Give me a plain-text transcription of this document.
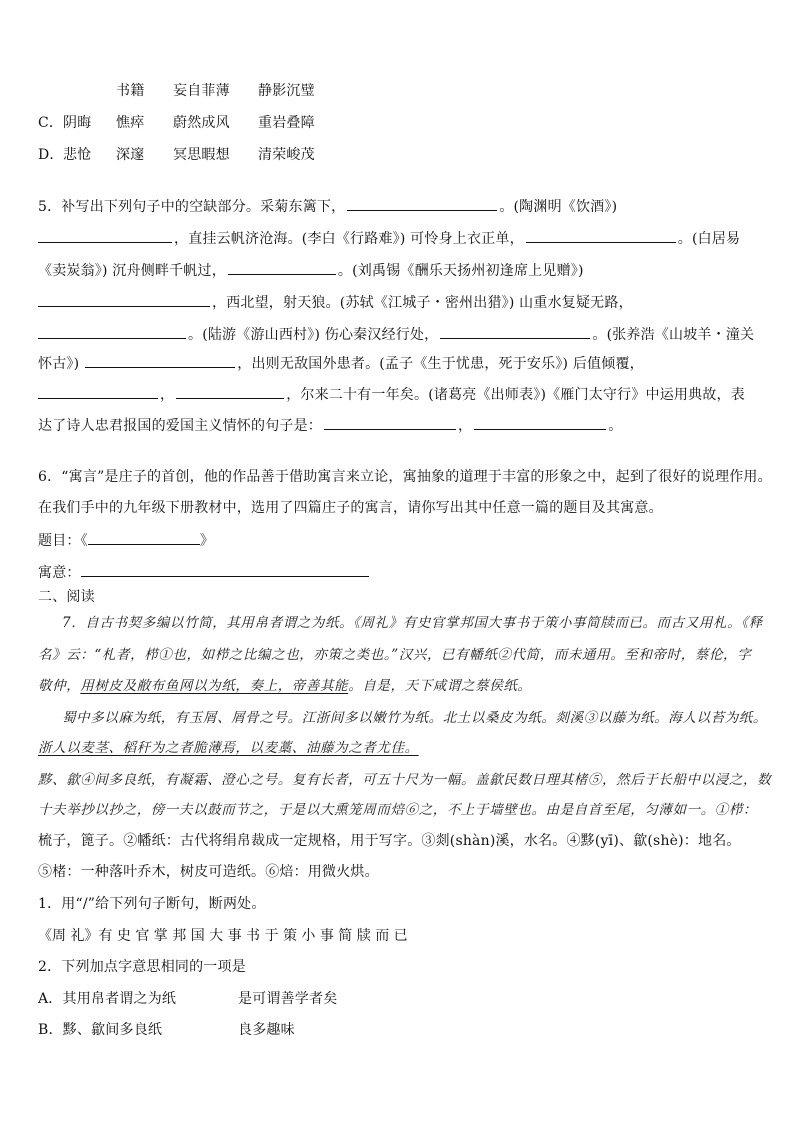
书籍 妄自菲薄 静影沉璧
C． 阴晦 憔瘁 蔚然成风 重岩叠障
D． 悲怆 深邃 冥思暇想 清荣峻茂
5．补写出下列句子中的空缺部分。采菊东篱下，	。(陶渊明《饮酒》)
，直挂云帆济沧海。(李白《行路难》) 可怜身上衣正单，	。(白居易
《卖炭翁》) 沉舟侧畔千帆过，	。(刘禹锡《酬乐天扬州初逢席上见赠》)
，西北望，射天狼。(苏轼《江城子・密州出猎》) 山重水复疑无路，
。(陆游《游山西村》) 伤心秦汉经行处，	。(张养浩《山坡羊・潼关
怀古》)	，出则无敌国外患者。(孟子《生于忧患，死于安乐》) 后值倾覆，
，	，尔来二十有一年矣。(诸葛亮《出师表》)《雁门太守行》中运用典故，表
达了诗人忠君报国的爱国主义情怀的句子是：	，	。
6．“寓言”是庄子的首创，他的作品善于借助寓言来立论，寓抽象的道理于丰富的形象之中，起到了很好的说理作用。
在我们手中的九年级下册教材中，选用了四篇庄子的寓言，请你写出其中任意一篇的题目及其寓意。
题目：《	》
寓意：
二、阅读
7．自古书契多编以竹简，其用帛者谓之为纸。《周礼》有史官掌邦国大事书于策小事简牍而已。而古又用札。《释
名》云：“札者，栉①也，如栉之比编之也，亦策之类也。”汉兴，已有幡纸②代简，而未通用。至和帝时，蔡伦，字
敬仲，用树皮及敝布鱼网以为纸，奏上，帝善其能。自是，天下咸谓之蔡侯纸。
蜀中多以麻为纸，有玉屑、屑骨之号。江浙间多以嫩竹为纸。北土以桑皮为纸。剡溪③以藤为纸。海人以苔为纸。
浙人以麦茎、稻秆为之者脆薄焉，以麦藁、油藤为之者尤佳。
黟、歙④间多良纸，有凝霜、澄心之号。复有长者，可五十尺为一幅。盖歙民数日理其楮⑤，然后于长船中以浸之，数
十夫举抄以抄之，傍一夫以鼓而节之，于是以大熏笼周而焙⑥之，不上于墙壁也。由是自首至尾，匀薄如一。①栉：
梳子，篦子。②幡纸：古代将绢帛裁成一定规格，用于写字。③剡(shàn)溪，水名。④黟(yī)、歙(shè)：地名。
⑤楮：一种落叶乔木，树皮可造纸。⑥焙：用微火烘。
1．用“/”给下列句子断句，断两处。
《周 礼》有 史 官 掌 邦 国 大 事 书 于 策 小 事 简 牍 而 已
2．下列加点字意思相同的一项是
A．其用帛者谓之为纸	是可谓善学者矣
B．黟、歙间多良纸	良多趣味
